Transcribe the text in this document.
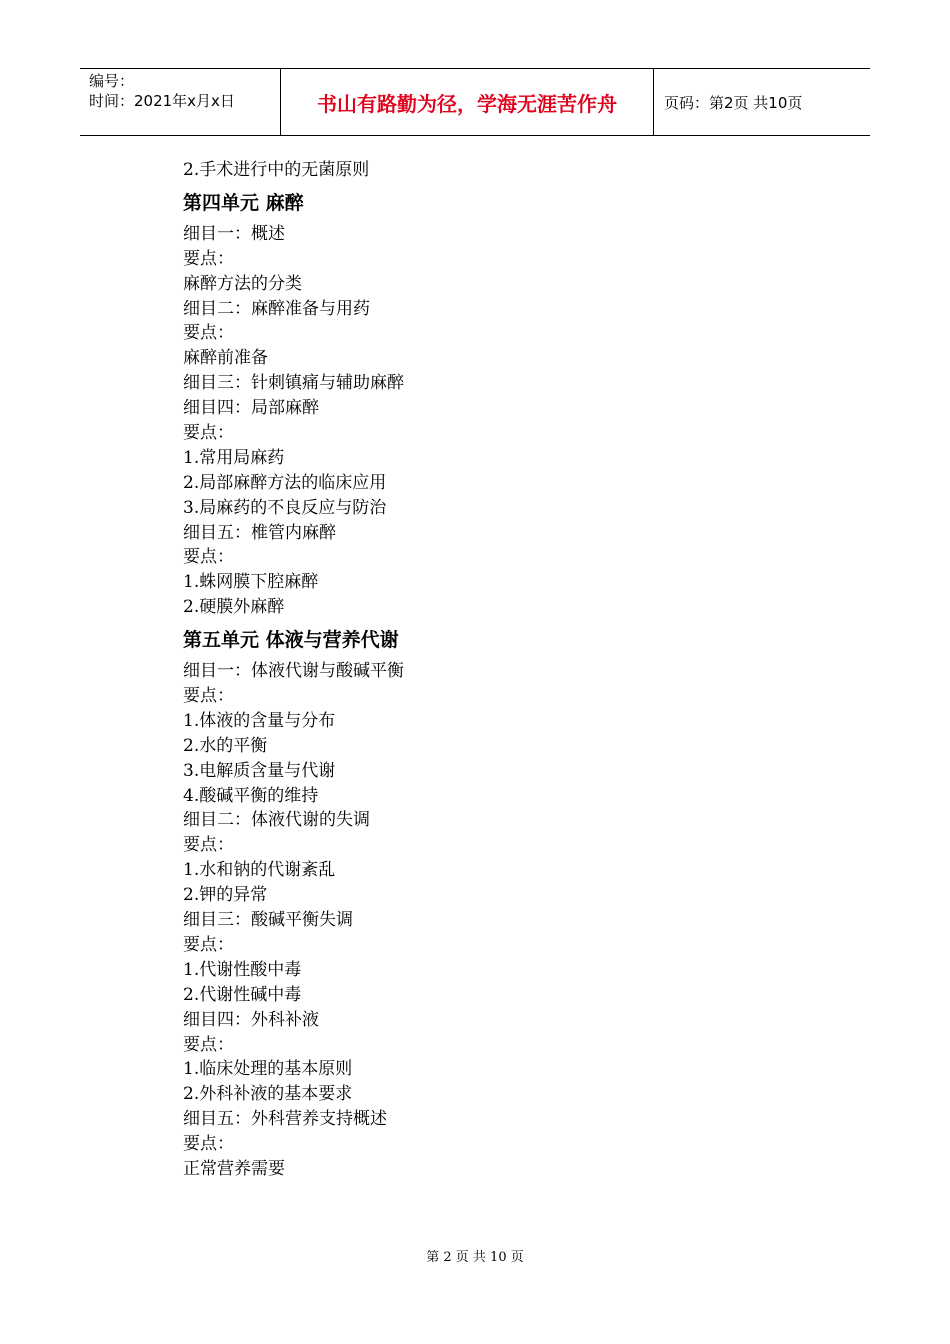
编号：
时间：2021年x月x日	书山有路勤为径，学海无涯苦作舟	页码：第2页 共10页
2.手术进行中的无菌原则
第四单元 麻醉
细目一：概述
要点：
麻醉方法的分类
细目二：麻醉准备与用药
要点：
麻醉前准备
细目三：针刺镇痛与辅助麻醉
细目四：局部麻醉
要点：
1.常用局麻药
2.局部麻醉方法的临床应用
3.局麻药的不良反应与防治
细目五：椎管内麻醉
要点：
1.蛛网膜下腔麻醉
2.硬膜外麻醉
第五单元 体液与营养代谢
细目一：体液代谢与酸碱平衡
要点：
1.体液的含量与分布
2.水的平衡
3.电解质含量与代谢
4.酸碱平衡的维持
细目二：体液代谢的失调
要点：
1.水和钠的代谢紊乱
2.钾的异常
细目三：酸碱平衡失调
要点：
1.代谢性酸中毒
2.代谢性碱中毒
细目四：外科补液
要点：
1.临床处理的基本原则
2.外科补液的基本要求
细目五：外科营养支持概述
要点：
正常营养需要
第 2 页 共 10 页
